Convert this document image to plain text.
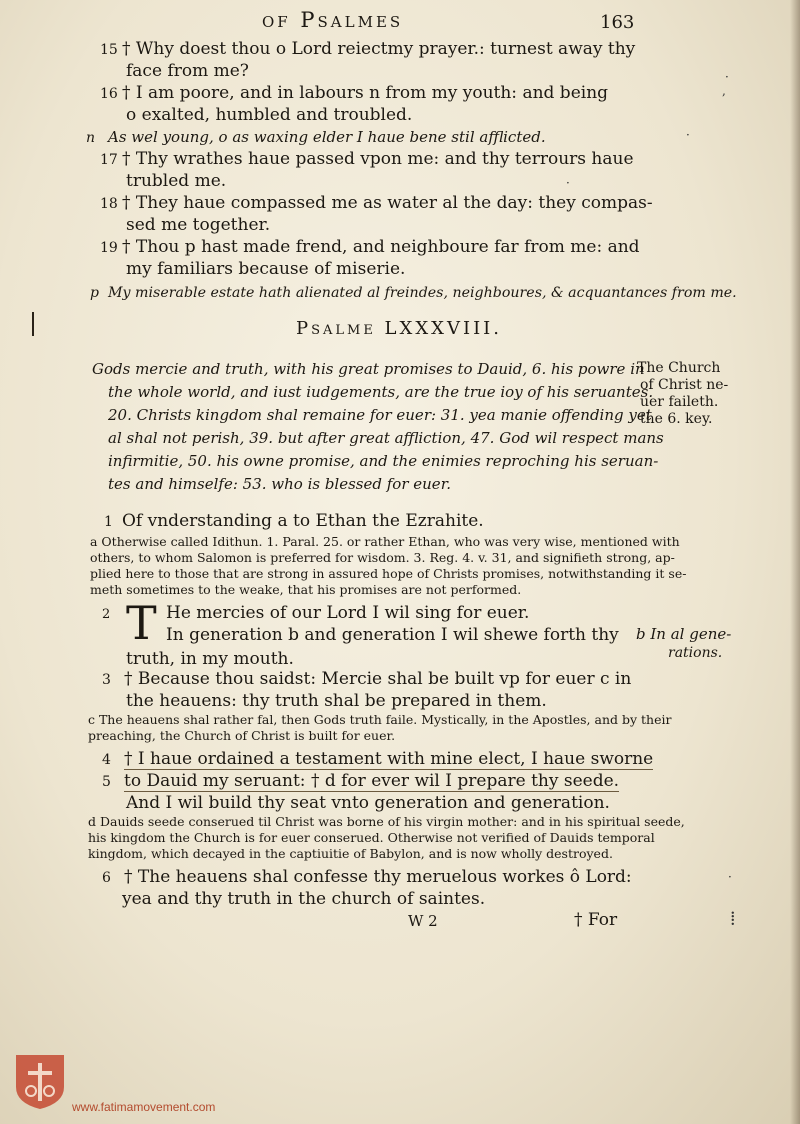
of Psalmes	163
15 † Why doest thou o Lord reiectmy prayer.: turnest away thy
face from me?
16 † I am poore, and in labours n from my youth: and being
o exalted, humbled and troubled.
n As wel young, o as waxing elder I haue bene stil afflicted.
17 † Thy wrathes haue passed vpon me: and thy terrours haue
trubled me.
18 † They haue compassed me as water al the day: they compas-
sed me together.
19 † Thou p hast made frend, and neighboure far from me: and
my familiars because of miserie.
p My miserable estate hath alienated al freindes, neighboures, & acquantances from me.
Psalme LXXXVIII.
Gods mercie and truth, with his great promises to Dauid, 6. his powre in
the whole world, and iust iudgements, are the true ioy of his seruantes.
20. Christs kingdom shal remaine for euer: 31. yea manie offending yet
al shal not perish, 39. but after great affliction, 47. God wil respect mans
infirmitie, 50. his owne promise, and the enimies reproching his seruan-
tes and himselfe: 53. who is blessed for euer.
The Church
of Christ ne-
uer faileth.
the 6. key.
1 Of vnderstanding a to Ethan the Ezrahite.
a Otherwise called Idithun. 1. Paral. 25. or rather Ethan, who was very wise, mentioned with
others, to whom Salomon is preferred for wisdom. 3. Reg. 4. v. 31, and signifieth strong, ap-
plied here to those that are strong in assured hope of Christs promises, notwithstanding it se-
meth sometimes to the weake, that his promises are not performed.
2 T He mercies of our Lord I wil sing for euer.
In generation b and generation I wil shewe forth thy
truth, in my mouth.
b In al gene-
rations.
3 † Because thou saidst: Mercie shal be built vp for euer c in
the heauens: thy truth shal be prepared in them.
c The heauens shal rather fal, then Gods truth faile. Mystically, in the Apostles, and by their
preaching, the Church of Christ is built for euer.
4 † I haue ordained a testament with mine elect, I haue sworne
5 to Dauid my seruant: † d for ever wil I prepare thy seede.
And I wil build thy seat vnto generation and generation.
d Dauids seede conserued til Christ was borne of his virgin mother: and in his spiritual seede,
his kingdom the Church is for euer conserued. Otherwise not verified of Dauids temporal
kingdom, which decayed in the captiuitie of Babylon, and is now wholly destroyed.
6 † The heauens shal confesse thy meruelous workes ô Lord:
yea and thy truth in the church of saintes.
W 2	† For
·
,
·
·
·
⁞
www.fatimamovement.com
